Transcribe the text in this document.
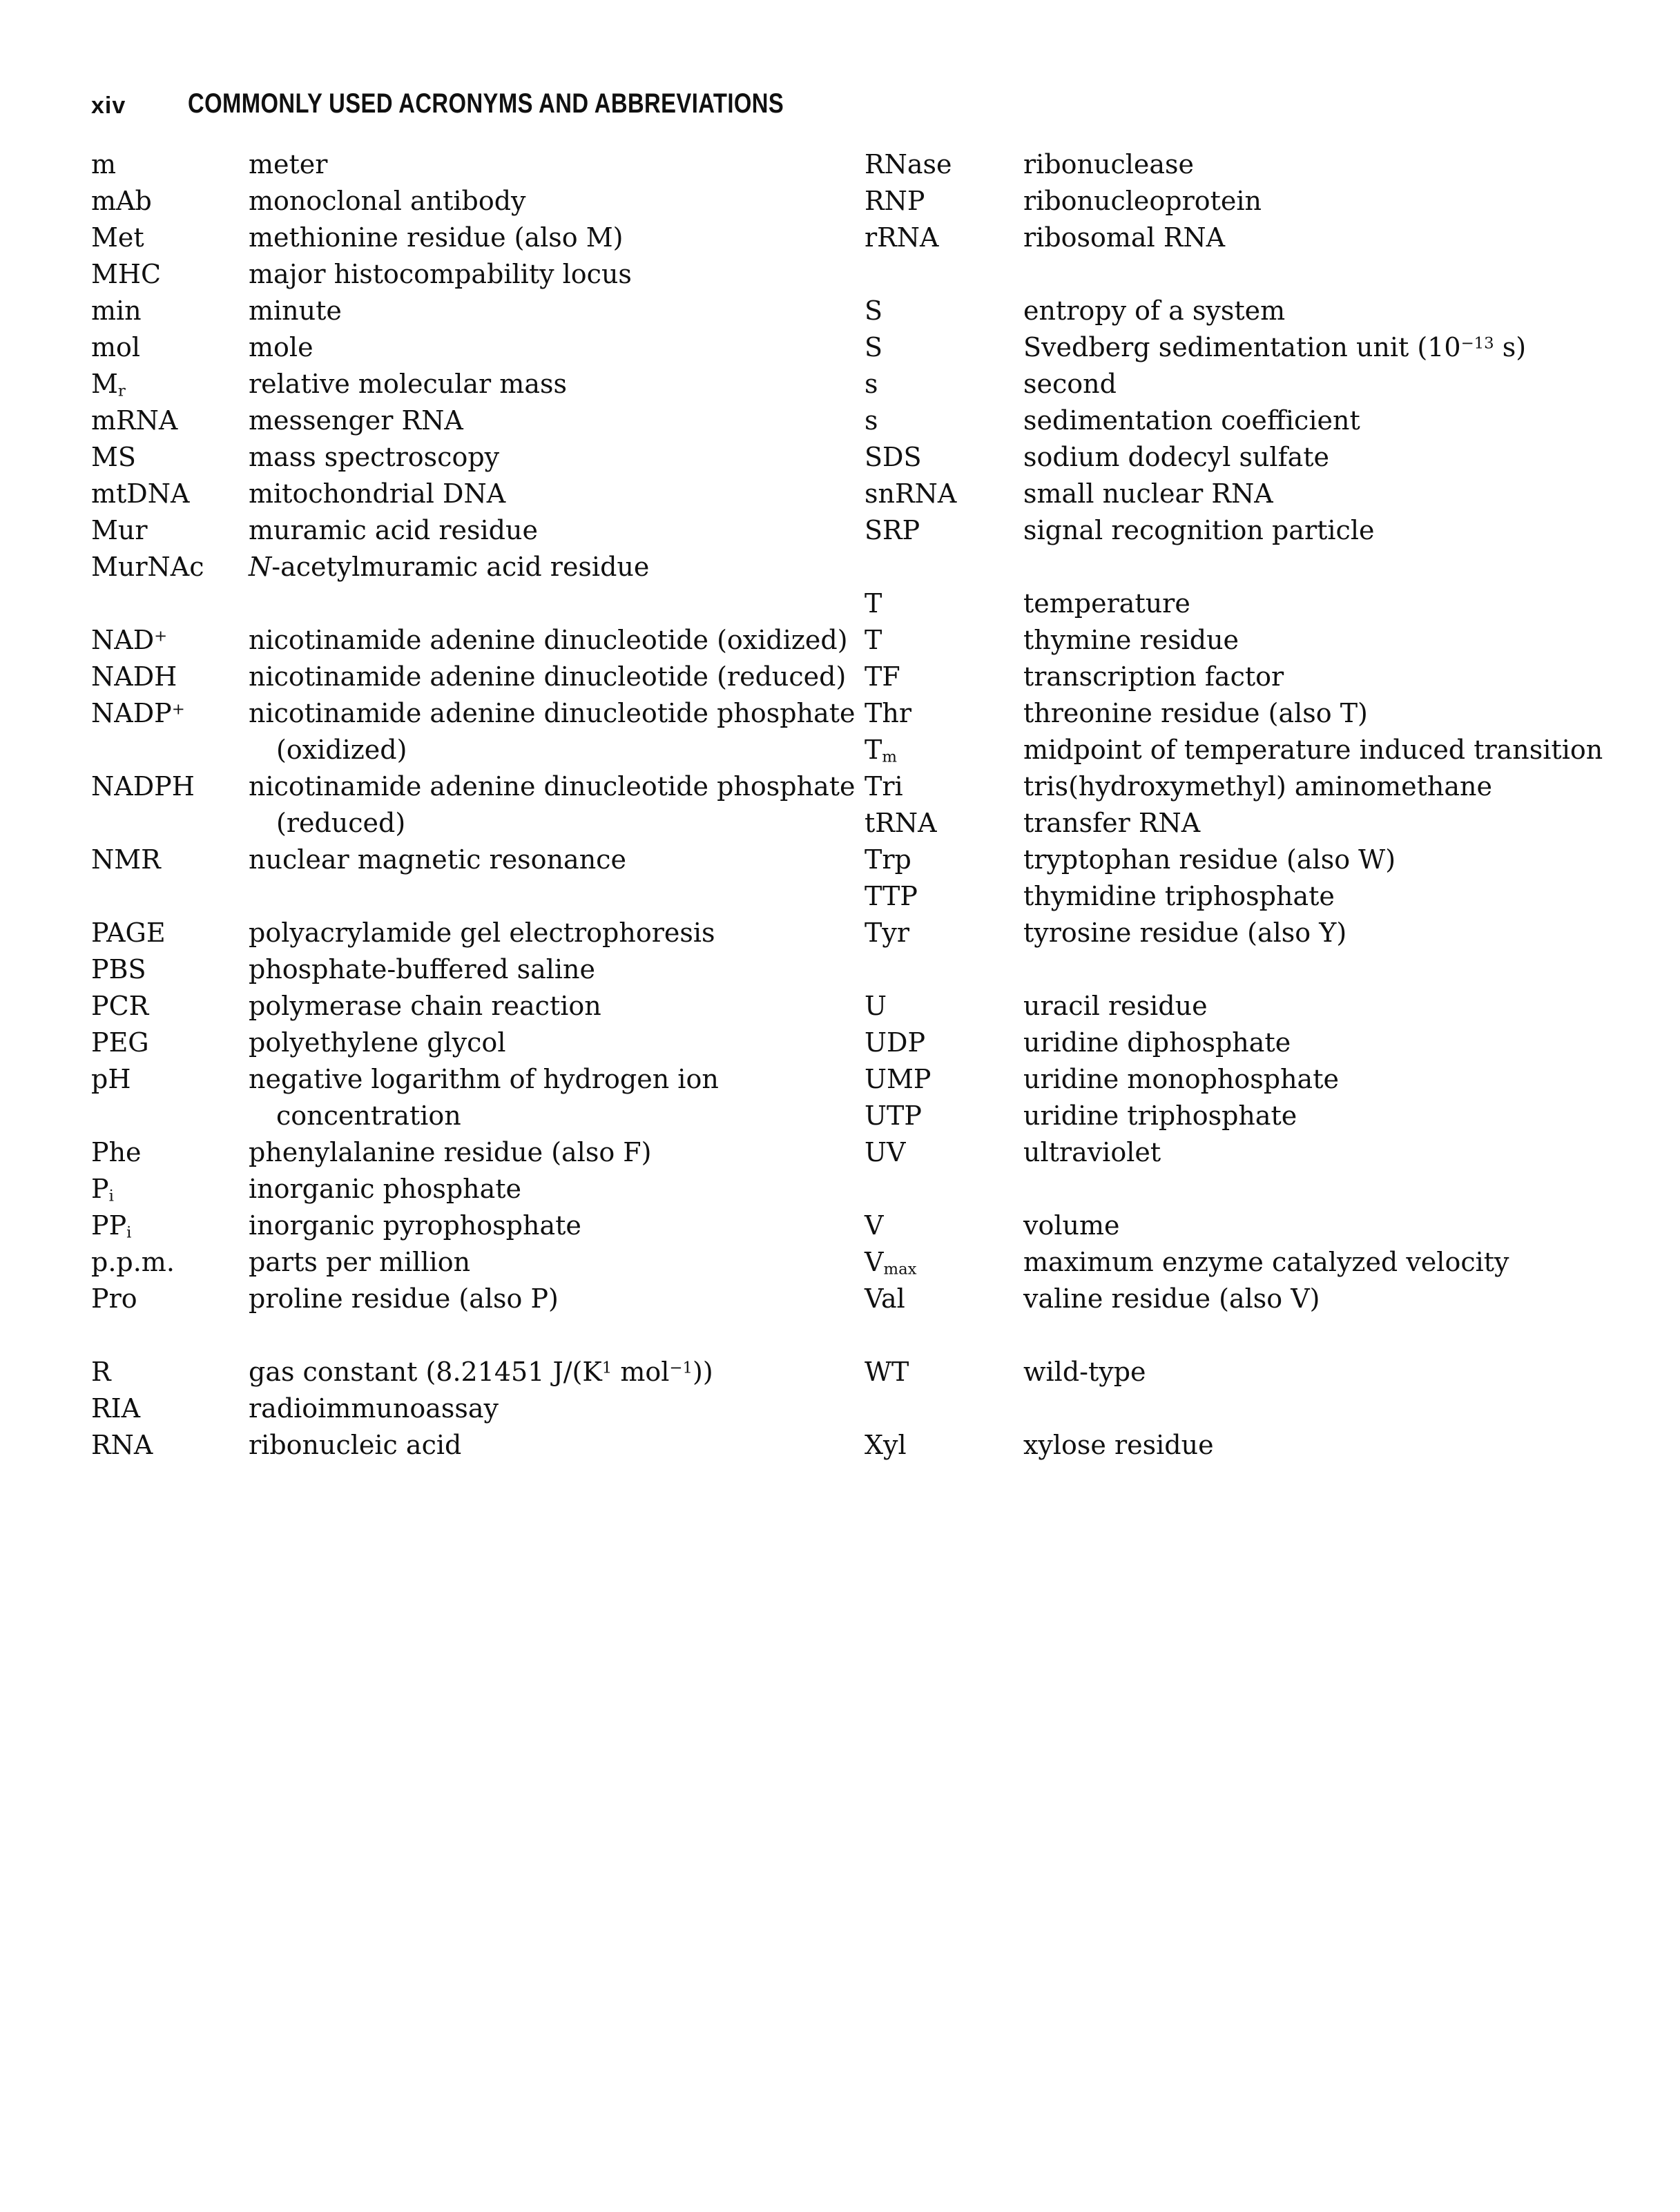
xiv COMMONLY USED ACRONYMS AND ABBREVIATIONS
m	meter
mAb	monoclonal antibody
Met	methionine residue (also M)
MHC	major histocompability locus
min	minute
mol	mole
$M_r$	relative molecular mass
mRNA	messenger RNA
MS	mass spectroscopy
mtDNA mitochondrial DNA
Mur	muramic acid residue
MurNAc N-acetylmuramic acid residue
NAD+	nicotinamide adenine dinucleotide (oxidized)
NADH	nicotinamide adenine dinucleotide (reduced)
NADP+ nicotinamide adenine dinucleotide phosphate
(oxidized)
NADPH nicotinamide adenine dinucleotide phosphate
(reduced)
NMR	nuclear magnetic resonance
PAGE	polyacrylamide gel electrophoresis
PBS	phosphate-buffered saline
PCR	polymerase chain reaction
PEG	polyethylene glycol
pH	negative logarithm of hydrogen ion
concentration
Phe	phenylalanine residue (also F)
$P_i$	inorganic phosphate
$PP_i$	inorganic pyrophosphate
p.p.m.	parts per million
Pro	proline residue (also P)
R	gas constant (8.21451 $J/(K^1$ mol$^{-1}$))
RIA	radioimmunoassay
RNA	ribonucleic acid
RNase	ribonuclease
RNP	ribonucleoprotein
rRNA	ribosomal RNA
S	entropy of a system
S	Svedberg sedimentation unit ($10^{-13}$ s)
s	second
s	sedimentation coefficient
SDS	sodium dodecyl sulfate
snRNA	small nuclear RNA
SRP	signal recognition particle
T	temperature
T	thymine residue
TF	transcription factor
Thr	threonine residue (also T)
$T_m$	midpoint of temperature induced transition
Tri	tris(hydroxymethyl) aminomethane
tRNA	transfer RNA
Trp	tryptophan residue (also W)
TTP	thymidine triphosphate
Tyr	tyrosine residue (also Y)
U	uracil residue
UDP	uridine diphosphate
UMP	uridine monophosphate
UTP	uridine triphosphate
UV	ultraviolet
V	volume
$V_{max}$	maximum enzyme catalyzed velocity
Val	valine residue (also V)
WT	wild-type
Xyl	xylose residue
